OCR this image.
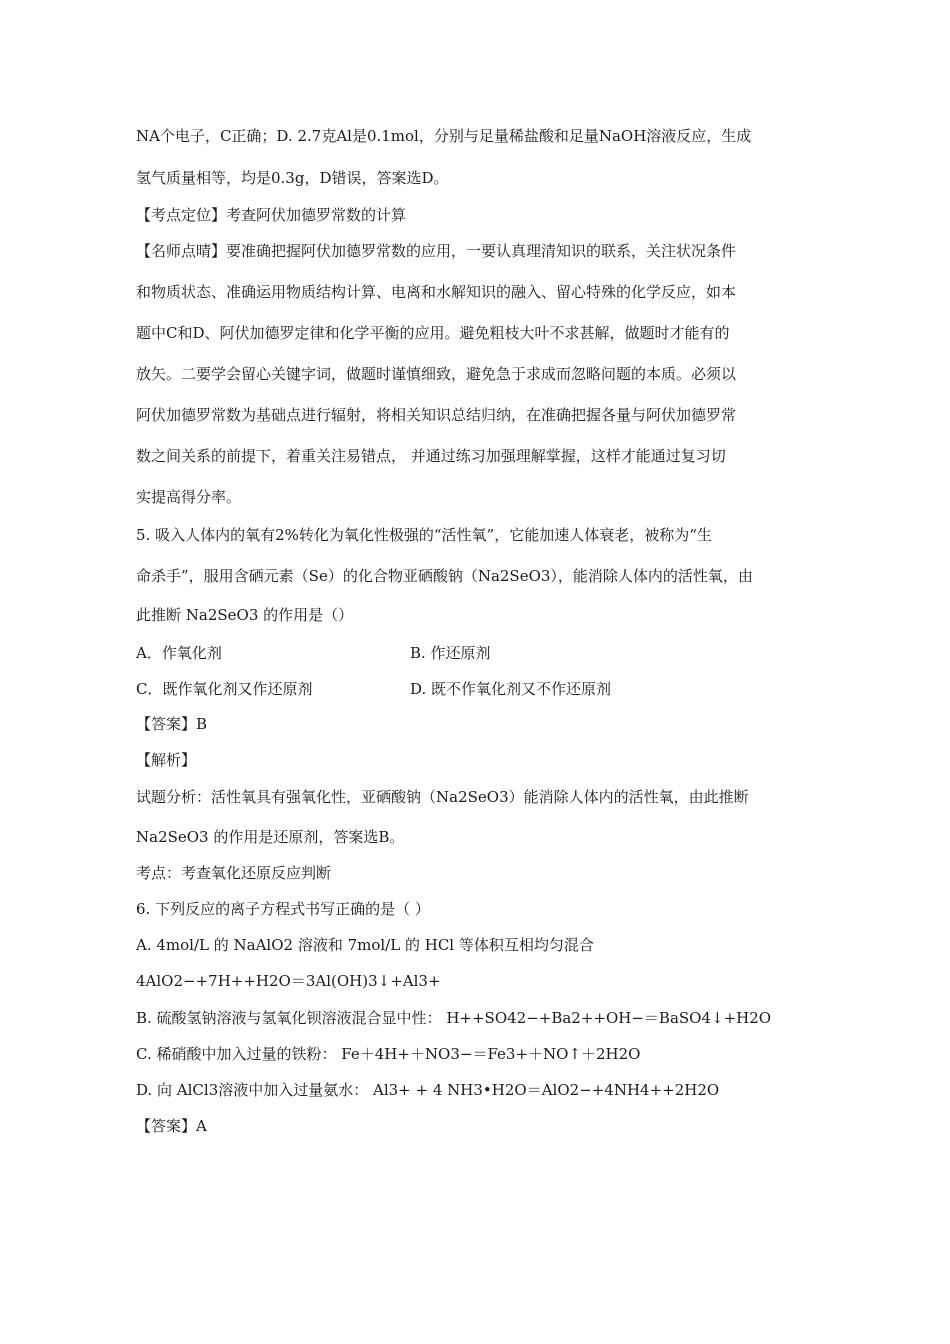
NA个电子，C正确；D. 2.7克Al是0.1mol，分别与足量稀盐酸和足量NaOH溶液反应，生成
氢气质量相等，均是0.3g，D错误，答案选D。
【考点定位】考查阿伏加德罗常数的计算
【名师点晴】要准确把握阿伏加德罗常数的应用，一要认真理清知识的联系，关注状况条件
和物质状态、准确运用物质结构计算、电离和水解知识的融入、留心特殊的化学反应，如本
题中C和D、阿伏加德罗定律和化学平衡的应用。避免粗枝大叶不求甚解，做题时才能有的
放矢。二要学会留心关键字词，做题时谨慎细致，避免急于求成而忽略问题的本质。必须以
阿伏加德罗常数为基础点进行辐射，将相关知识总结归纳，在准确把握各量与阿伏加德罗常
数之间关系的前提下，着重关注易错点， 并通过练习加强理解掌握，这样才能通过复习切
实提高得分率。
5. 吸入人体内的氧有2%转化为氧化性极强的“活性氧”，它能加速人体衰老，被称为“生
命杀手”，服用含硒元素（Se）的化合物亚硒酸钠（Na2SeO3），能消除人体内的活性氧，由
此推断 Na2SeO3 的作用是（）
A．作氧化剂	B. 作还原剂
C．既作氧化剂又作还原剂	D. 既不作氧化剂又不作还原剂
【答案】B
【解析】
试题分析：活性氧具有强氧化性，亚硒酸钠（Na2SeO3）能消除人体内的活性氧，由此推断
Na2SeO3 的作用是还原剂，答案选B。
考点：考查氧化还原反应判断
6. 下列反应的离子方程式书写正确的是（ ）
A. 4mol/L 的 NaAlO2 溶液和 7mol/L 的 HCl 等体积互相均匀混合
4AlO2−+7H++H2O＝3Al(OH)3↓+Al3+
B. 硫酸氢钠溶液与氢氧化钡溶液混合显中性： H++SO42−+Ba2++OH−＝BaSO4↓+H2O
C. 稀硝酸中加入过量的铁粉： Fe＋4H+＋NO3−＝Fe3+＋NO↑＋2H2O
D. 向 AlCl3溶液中加入过量氨水： Al3+ + 4 NH3•H2O＝AlO2−+4NH4++2H2O
【答案】A
